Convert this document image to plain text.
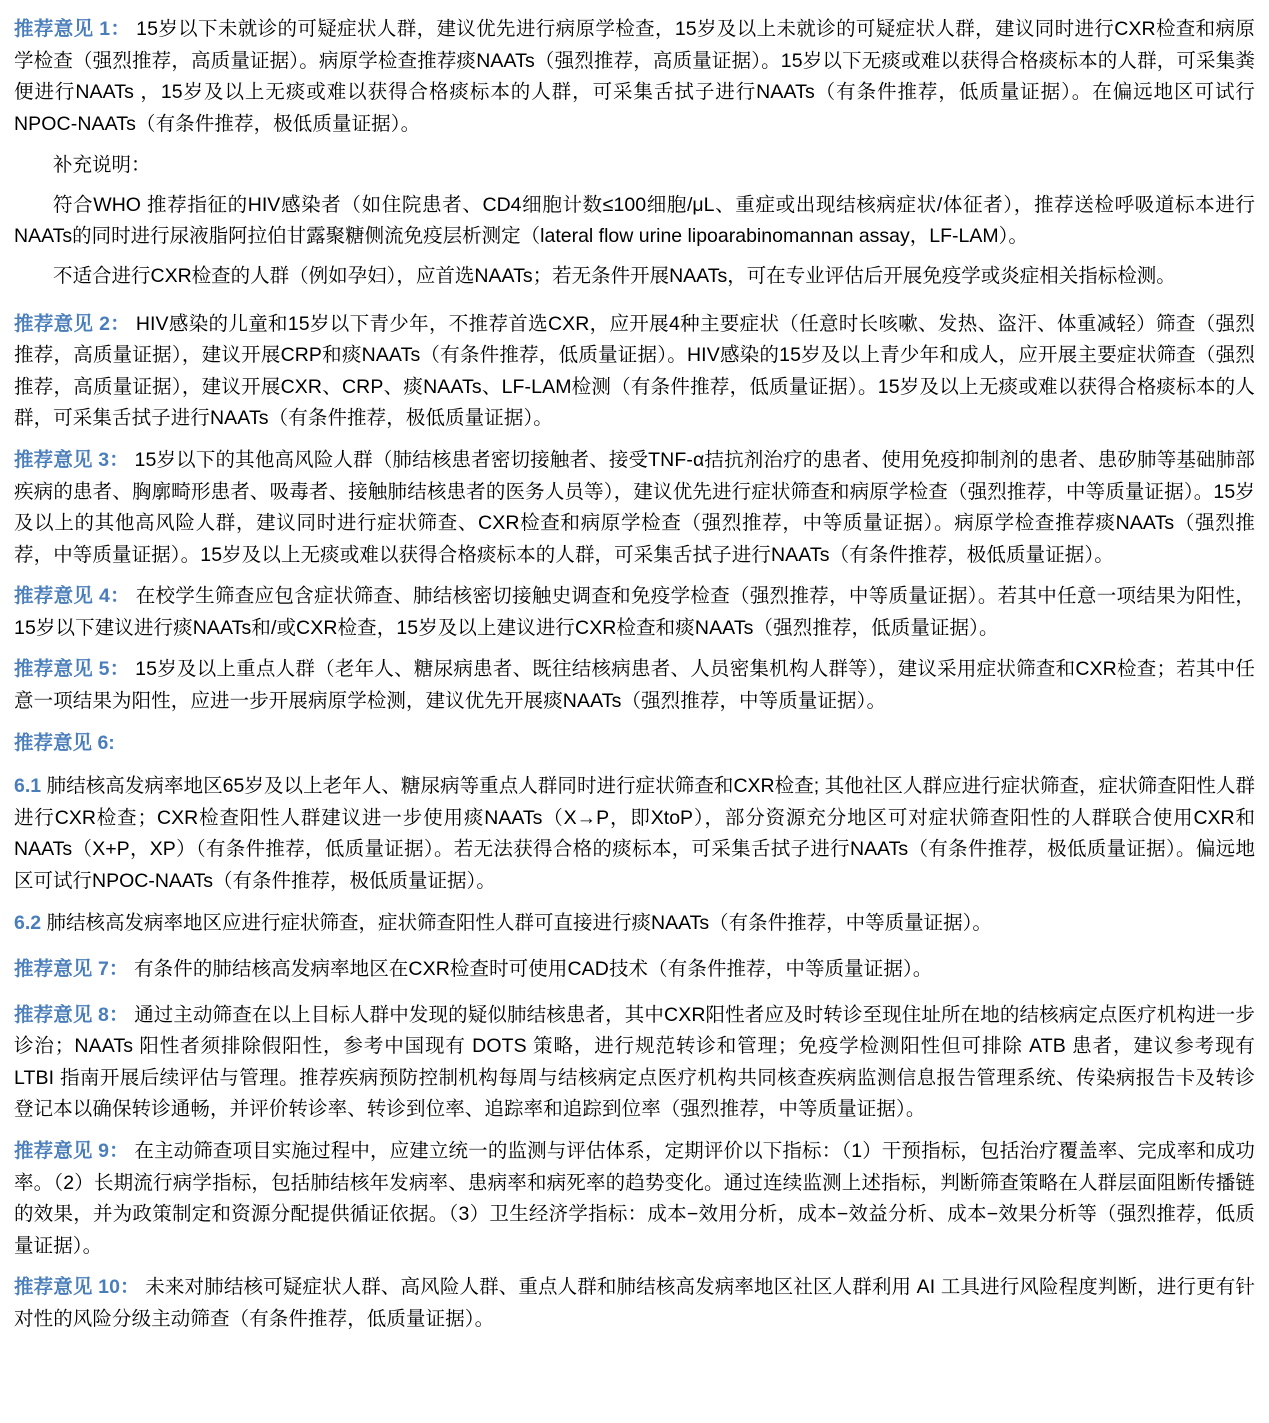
推荐意见 1： 15岁以下未就诊的可疑症状人群，建议优先进行病原学检查，15岁及以上未就诊的可疑症状人群，建议同时进行CXR检查和病原学检查（强烈推荐，高质量证据）。病原学检查推荐痰NAATs（强烈推荐，高质量证据）。15岁以下无痰或难以获得合格痰标本的人群，可采集粪便进行NAATs ，15岁及以上无痰或难以获得合格痰标本的人群，可采集舌拭子进行NAATs（有条件推荐，低质量证据）。在偏远地区可试行NPOC-NAATs（有条件推荐，极低质量证据）。

补充说明：

符合WHO 推荐指征的HIV感染者（如住院患者、CD4细胞计数≤100细胞/μL、重症或出现结核病症状/体征者），推荐送检呼吸道标本进行NAATs的同时进行尿液脂阿拉伯甘露聚糖侧流免疫层析测定（lateral flow urine lipoarabinomannan assay，LF-LAM）。

不适合进行CXR检查的人群（例如孕妇），应首选NAATs；若无条件开展NAATs，可在专业评估后开展免疫学或炎症相关指标检测。

推荐意见 2： HIV感染的儿童和15岁以下青少年，不推荐首选CXR，应开展4种主要症状（任意时长咳嗽、发热、盗汗、体重减轻）筛查（强烈推荐，高质量证据），建议开展CRP和痰NAATs（有条件推荐，低质量证据）。HIV感染的15岁及以上青少年和成人，应开展主要症状筛查（强烈推荐，高质量证据），建议开展CXR、CRP、痰NAATs、LF-LAM检测（有条件推荐，低质量证据）。15岁及以上无痰或难以获得合格痰标本的人群，可采集舌拭子进行NAATs（有条件推荐，极低质量证据）。

推荐意见 3： 15岁以下的其他高风险人群（肺结核患者密切接触者、接受TNF-α拮抗剂治疗的患者、使用免疫抑制剂的患者、患矽肺等基础肺部疾病的患者、胸廓畸形患者、吸毒者、接触肺结核患者的医务人员等），建议优先进行症状筛查和病原学检查（强烈推荐，中等质量证据）。15岁及以上的其他高风险人群，建议同时进行症状筛查、CXR检查和病原学检查（强烈推荐，中等质量证据）。病原学检查推荐痰NAATs（强烈推荐，中等质量证据）。15岁及以上无痰或难以获得合格痰标本的人群，可采集舌拭子进行NAATs（有条件推荐，极低质量证据）。

推荐意见 4： 在校学生筛查应包含症状筛查、肺结核密切接触史调查和免疫学检查（强烈推荐，中等质量证据）。若其中任意一项结果为阳性，15岁以下建议进行痰NAATs和/或CXR检查，15岁及以上建议进行CXR检查和痰NAATs（强烈推荐，低质量证据）。

推荐意见 5： 15岁及以上重点人群（老年人、糖尿病患者、既往结核病患者、人员密集机构人群等），建议采用症状筛查和CXR检查；若其中任意一项结果为阳性，应进一步开展病原学检测，建议优先开展痰NAATs（强烈推荐，中等质量证据）。

推荐意见 6:

6.1 肺结核高发病率地区65岁及以上老年人、糖尿病等重点人群同时进行症状筛查和CXR检查; 其他社区人群应进行症状筛查，症状筛查阳性人群进行CXR检查；CXR检查阳性人群建议进一步使用痰NAATs（X→P，即XtoP），部分资源充分地区可对症状筛查阳性的人群联合使用CXR和NAATs（X+P，XP）（有条件推荐，低质量证据）。若无法获得合格的痰标本，可采集舌拭子进行NAATs（有条件推荐，极低质量证据）。偏远地区可试行NPOC-NAATs（有条件推荐，极低质量证据）。

6.2 肺结核高发病率地区应进行症状筛查，症状筛查阳性人群可直接进行痰NAATs（有条件推荐，中等质量证据）。

推荐意见 7： 有条件的肺结核高发病率地区在CXR检查时可使用CAD技术（有条件推荐，中等质量证据）。

推荐意见 8： 通过主动筛查在以上目标人群中发现的疑似肺结核患者，其中CXR阳性者应及时转诊至现住址所在地的结核病定点医疗机构进一步诊治；NAATs 阳性者须排除假阳性，参考中国现有 DOTS 策略，进行规范转诊和管理；免疫学检测阳性但可排除 ATB 患者，建议参考现有 LTBI 指南开展后续评估与管理。推荐疾病预防控制机构每周与结核病定点医疗机构共同核查疾病监测信息报告管理系统、传染病报告卡及转诊登记本以确保转诊通畅，并评价转诊率、转诊到位率、追踪率和追踪到位率（强烈推荐，中等质量证据）。

推荐意见 9： 在主动筛查项目实施过程中，应建立统一的监测与评估体系，定期评价以下指标：（1）干预指标，包括治疗覆盖率、完成率和成功率。（2）长期流行病学指标，包括肺结核年发病率、患病率和病死率的趋势变化。通过连续监测上述指标，判断筛查策略在人群层面阻断传播链的效果，并为政策制定和资源分配提供循证依据。（3）卫生经济学指标：成本−效用分析，成本−效益分析、成本−效果分析等（强烈推荐，低质量证据）。

推荐意见 10： 未来对肺结核可疑症状人群、高风险人群、重点人群和肺结核高发病率地区社区人群利用 AI 工具进行风险程度判断，进行更有针对性的风险分级主动筛查（有条件推荐，低质量证据）。
